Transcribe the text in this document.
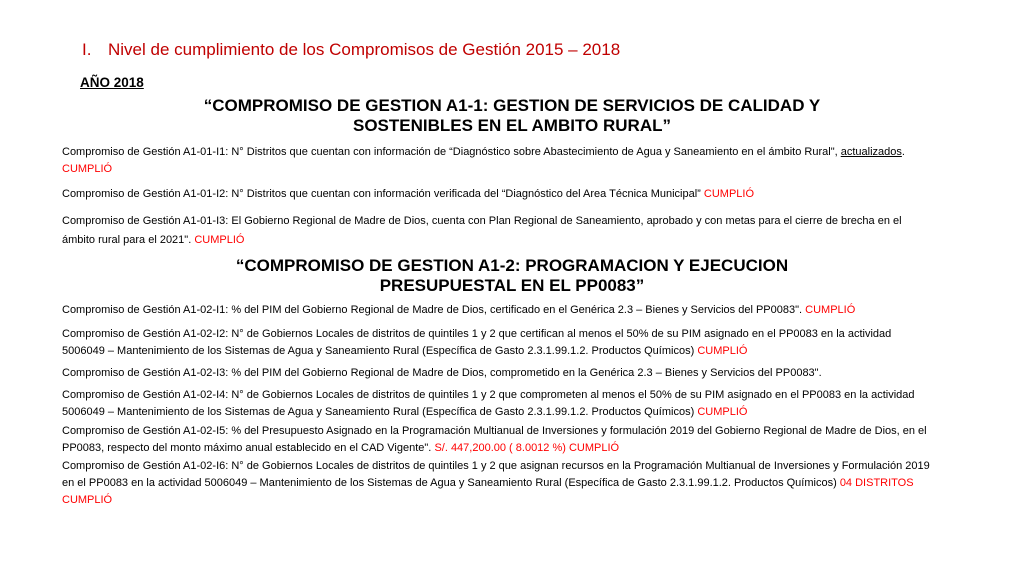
I. Nivel de cumplimiento de los Compromisos de Gestión 2015 – 2018
AÑO 2018
“COMPROMISO DE GESTION A1-1: GESTION DE SERVICIOS DE CALIDAD Y
SOSTENIBLES EN EL AMBITO RURAL”
Compromiso de Gestión A1-01-I1: N° Distritos que cuentan con información de “Diagnóstico sobre Abastecimiento de Agua y Saneamiento en el ámbito Rural", actualizados. CUMPLIÓ
Compromiso de Gestión A1-01-I2: N° Distritos que cuentan con información verificada del “Diagnóstico del Area Técnica Municipal” CUMPLIÓ
Compromiso de Gestión A1-01-I3: El Gobierno Regional de Madre de Dios, cuenta con Plan Regional de Saneamiento, aprobado y con metas para el cierre de brecha en el ámbito rural para el 2021". CUMPLIÓ
“COMPROMISO DE GESTION A1-2: PROGRAMACION Y EJECUCION
PRESUPUESTAL EN EL PP0083”
Compromiso de Gestión A1-02-I1: % del PIM del Gobierno Regional de Madre de Dios, certificado en el Genérica 2.3 – Bienes y Servicios del PP0083". CUMPLIÓ
Compromiso de Gestión A1-02-I2: N° de Gobiernos Locales de distritos de quintiles 1 y 2 que certifican al menos el 50% de su PIM asignado en el PP0083 en la actividad 5006049 – Mantenimiento de los Sistemas de Agua y Saneamiento Rural (Específica de Gasto 2.3.1.99.1.2. Productos Químicos) CUMPLIÓ
Compromiso de Gestión A1-02-I3: % del PIM del Gobierno Regional de Madre de Dios, comprometido en la Genérica 2.3 – Bienes y Servicios del PP0083".
Compromiso de Gestión A1-02-I4: N° de Gobiernos Locales de distritos de quintiles 1 y 2 que comprometen al menos el 50% de su PIM asignado en el PP0083 en la actividad 5006049 – Mantenimiento de los Sistemas de Agua y Saneamiento Rural (Específica de Gasto 2.3.1.99.1.2. Productos Químicos) CUMPLIÓ
Compromiso de Gestión A1-02-I5: % del Presupuesto Asignado en la Programación Multianual de Inversiones y formulación 2019 del Gobierno Regional de Madre de Dios, en el PP0083, respecto del monto máximo anual establecido en el CAD Vigente". S/. 447,200.00 ( 8.0012 %) CUMPLIÓ
Compromiso de Gestión A1-02-I6: N° de Gobiernos Locales de distritos de quintiles 1 y 2 que asignan recursos en la Programación Multianual de Inversiones y Formulación 2019 en el PP0083 en la actividad 5006049 – Mantenimiento de los Sistemas de Agua y Saneamiento Rural (Específica de Gasto 2.3.1.99.1.2. Productos Químicos) 04 DISTRITOS CUMPLIÓ
